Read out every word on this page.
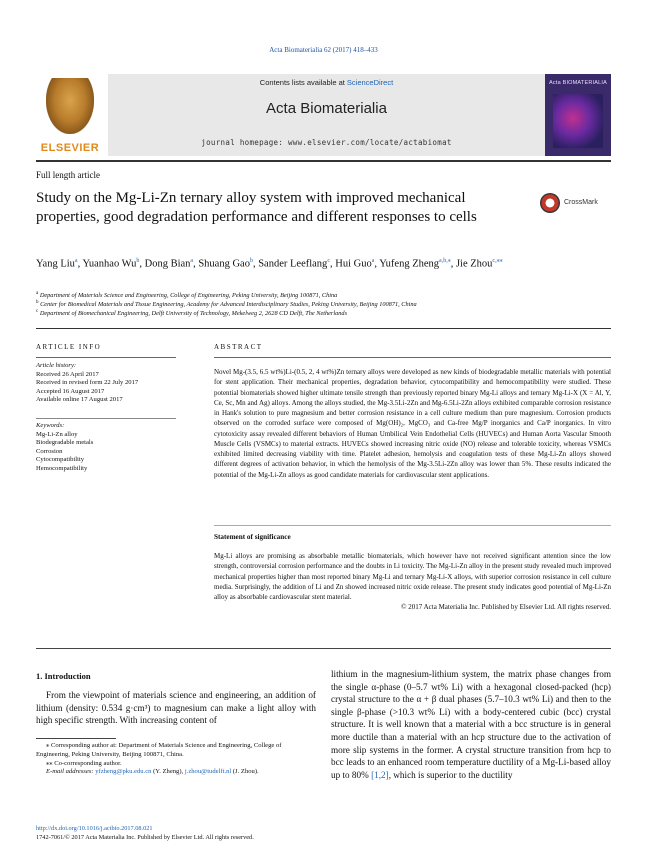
Acta Biomaterialia 62 (2017) 418–433
ELSEVIER
Contents lists available at ScienceDirect
Acta Biomaterialia
journal homepage: www.elsevier.com/locate/actabiomat
Acta BIOMATERIALIA
Full length article
Study on the Mg-Li-Zn ternary alloy system with improved mechanical properties, good degradation performance and different responses to cells
CrossMark
Yang Liu$^a$, Yuanhao Wu$^b$, Dong Bian$^a$, Shuang Gao$^b$, Sander Leeflang$^c$, Hui Guo$^a$, Yufeng Zheng$^{a,b,⁎}$, Jie Zhou$^{c,⁎⁎}$
$^a$ Department of Materials Science and Engineering, College of Engineering, Peking University, Beijing 100871, China
$^b$ Center for Biomedical Materials and Tissue Engineering, Academy for Advanced Interdisciplinary Studies, Peking University, Beijing 100871, China
$^c$ Department of Biomechanical Engineering, Delft University of Technology, Mekelweg 2, 2628 CD Delft, The Netherlands
ARTICLE INFO	ABSTRACT
Article history:
Received 26 April 2017
Received in revised form 22 July 2017
Accepted 16 August 2017
Available online 17 August 2017
Keywords:
Mg-Li-Zn alloy
Biodegradable metals
Corrosion
Cytocompatibility
Hemocompatibility
Novel Mg-(3.5, 6.5 wt%)Li-(0.5, 2, 4 wt%)Zn ternary alloys were developed as new kinds of biodegradable metallic materials with potential for stent application. Their mechanical properties, degradation behavior, cytocompatibility and hemocompatibility were studied. These potential biomaterials showed higher ultimate tensile strength than previously reported binary Mg-Li alloys and ternary Mg-Li-X (X = Al, Y, Ce, Sc, Mn and Ag) alloys. Among the alloys studied, the Mg-3.5Li-2Zn and Mg-6.5Li-2Zn alloys exhibited comparable corrosion resistance in Hank's solution to pure magnesium and better corrosion resistance in a cell culture medium than pure magnesium. Corrosion products observed on the corroded surface were composed of Mg(OH)₂, MgCO₃ and Ca-free Mg/P inorganics and Ca/P inorganics. In vitro cytotoxicity assay revealed different behaviors of Human Umbilical Vein Endothelial Cells (HUVECs) and Human Aorta Vascular Smooth Muscle Cells (VSMCs) to material extracts. HUVECs showed increasing nitric oxide (NO) release and tolerable toxicity, whereas VSMCs exhibited limited decreasing viability with time. Platelet adhesion, hemolysis and coagulation tests of these Mg-Li-Zn alloys showed different degrees of activation behavior, in which the hemolysis of the Mg-3.5Li-2Zn alloy was lower than 5%. These results indicated the potential of the Mg-Li-Zn alloys as good candidate materials for cardiovascular stent applications.
Statement of significance
Mg-Li alloys are promising as absorbable metallic biomaterials, which however have not received significant attention since the low strength, controversial corrosion performance and the doubts in Li toxicity. The Mg-Li-Zn alloy in the present study revealed much improved mechanical properties higher than most reported binary Mg-Li and ternary Mg-Li-X alloys, with superior corrosion resistance in cell culture media. Surprisingly, the addition of Li and Zn showed increased nitric oxide release. The present study indicates good potential of Mg-Li-Zn alloy as absorbable cardiovascular stent material.
© 2017 Acta Materialia Inc. Published by Elsevier Ltd. All rights reserved.
1. Introduction
From the viewpoint of materials science and engineering, an addition of lithium (density: 0.534 g·cm³) to magnesium can make a light alloy with high specific strength. With increasing content of
lithium in the magnesium-lithium system, the matrix phase changes from the single α-phase (0–5.7 wt% Li) with a hexagonal closed-packed (hcp) crystal structure to the α + β dual phases (5.7–10.3 wt% Li) and then to the single β-phase (>10.3 wt% Li) with a body-centered cubic (bcc) crystal structure. It is well known that a material with a bcc structure is in general more ductile than a material with an hcp structure due to the activation of more slip systems in the former. A crystal structure transition from hcp to bcc leads to an enhanced room temperature ductility of a Mg-Li-based alloy up to 80% [1,2], which is superior to the ductility
⁎ Corresponding author at: Department of Materials Science and Engineering, College of Engineering, Peking University, Beijing 100871, China.
⁎⁎ Co-corresponding author.
E-mail addresses: yfzheng@pku.edu.cn (Y. Zheng), j.zhou@tudelft.nl (J. Zhou).
http://dx.doi.org/10.1016/j.actbio.2017.08.021
1742-7061/© 2017 Acta Materialia Inc. Published by Elsevier Ltd. All rights reserved.
